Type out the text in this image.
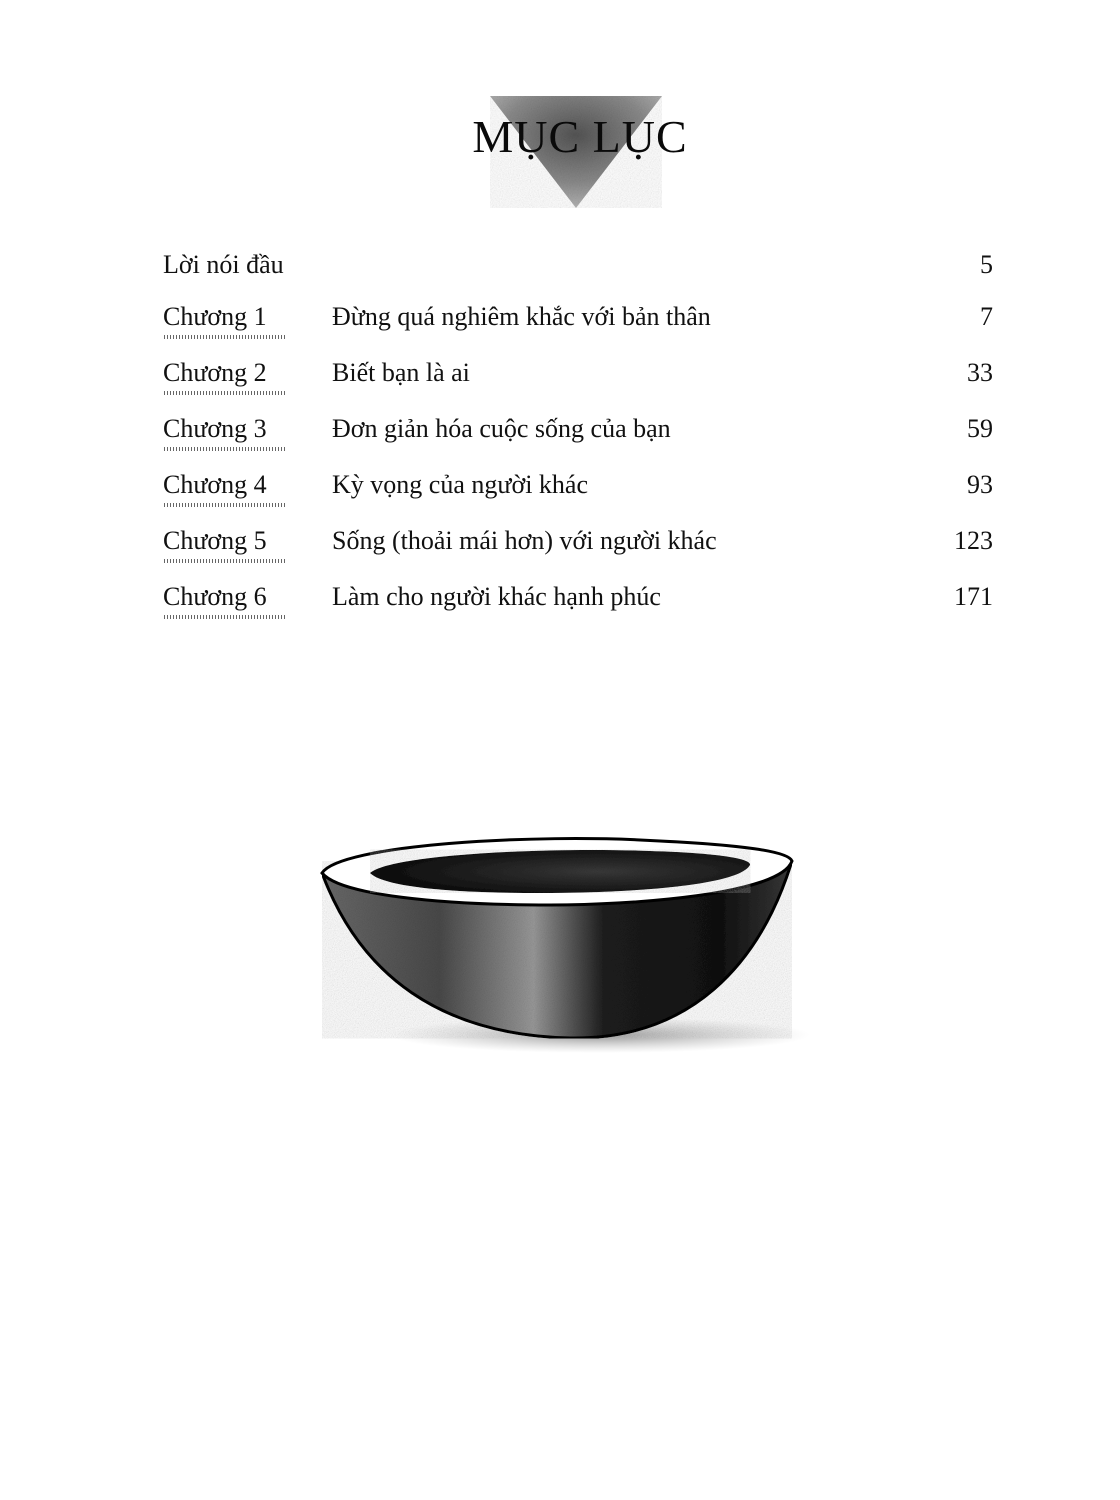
MỤC LỤC
Lời nói đầu	5
Chương 1	Đừng quá nghiêm khắc với bản thân	7
Chương 2	Biết bạn là ai	33
Chương 3	Đơn giản hóa cuộc sống của bạn	59
Chương 4	Kỳ vọng của người khác	93
Chương 5	Sống (thoải mái hơn) với người khác	123
Chương 6	Làm cho người khác hạnh phúc	171
